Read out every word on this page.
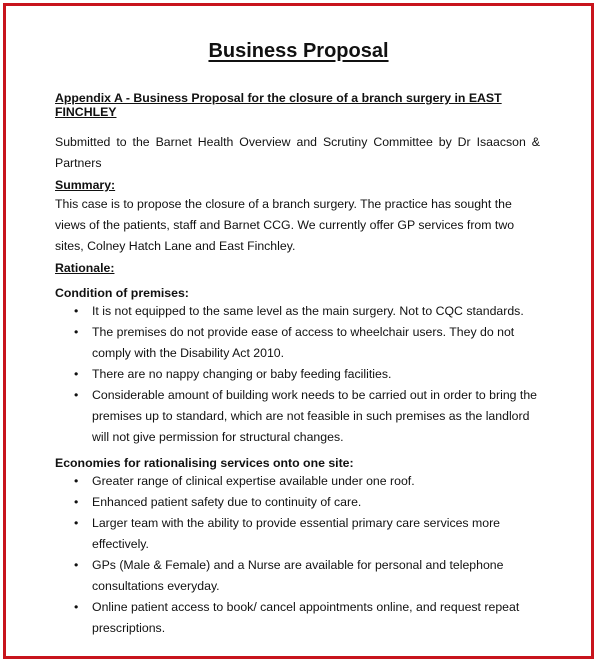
Business Proposal

Appendix A - Business Proposal for the closure of a branch surgery in EAST FINCHLEY

Submitted to the Barnet Health Overview and Scrutiny Committee by Dr Isaacson & Partners

Summary:

This case is to propose the closure of a branch surgery. The practice has sought the views of the patients, staff and Barnet CCG. We currently offer GP services from two sites, Colney Hatch Lane and East Finchley.

Rationale:

Condition of premises:

• It is not equipped to the same level as the main surgery. Not to CQC standards.
• The premises do not provide ease of access to wheelchair users. They do not comply with the Disability Act 2010.
• There are no nappy changing or baby feeding facilities.
• Considerable amount of building work needs to be carried out in order to bring the premises up to standard, which are not feasible in such premises as the landlord will not give permission for structural changes.

Economies for rationalising services onto one site:

• Greater range of clinical expertise available under one roof.
• Enhanced patient safety due to continuity of care.
• Larger team with the ability to provide essential primary care services more effectively.
• GPs (Male & Female) and a Nurse are available for personal and telephone consultations everyday.
• Online patient access to book/ cancel appointments online, and request repeat prescriptions.
